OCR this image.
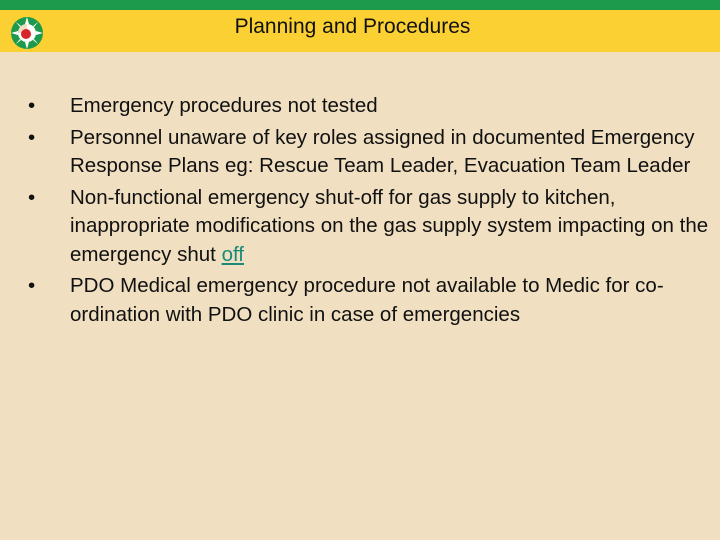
Planning and Procedures
•	Emergency procedures not tested
•	Personnel unaware of key roles assigned in documented Emergency Response Plans eg: Rescue Team Leader, Evacuation Team Leader
•	Non-functional emergency shut-off for gas supply to kitchen, inappropriate modifications on the gas supply system impacting on the emergency shut off
•	PDO Medical emergency procedure not available to Medic for co-ordination with PDO clinic in case of emergencies
